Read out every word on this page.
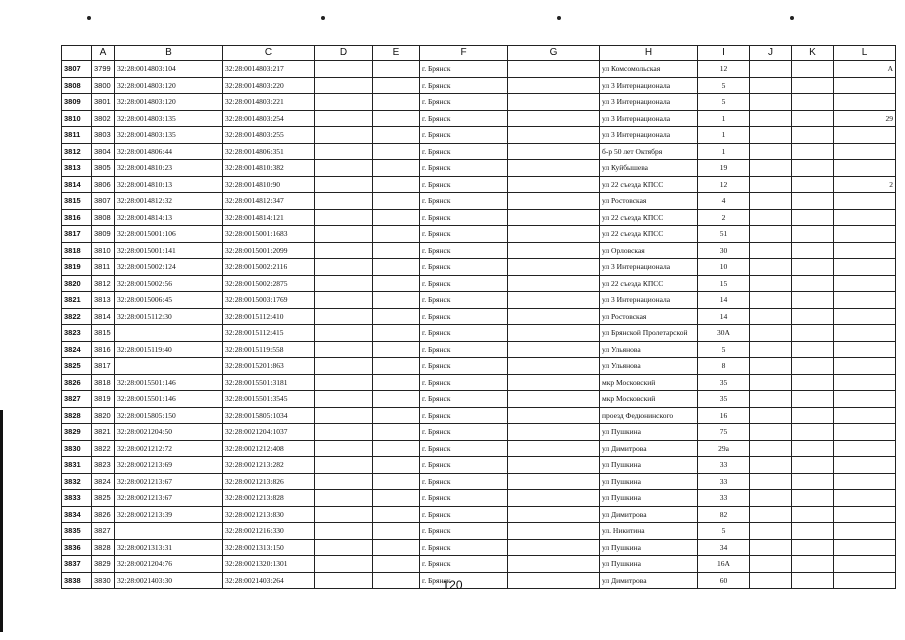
	A	B	C	D	E	F	G	H	I	J	K	L
3807	3799	32:28:0014803:104	32:28:0014803:217			г. Брянск		ул Комсомольская	12			A
3808	3800	32:28:0014803:120	32:28:0014803:220			г. Брянск		ул 3 Интернационала	5			
3809	3801	32:28:0014803:120	32:28:0014803:221			г. Брянск		ул 3 Интернационала	5			
3810	3802	32:28:0014803:135	32:28:0014803:254			г. Брянск		ул 3 Интернационала	1			29
3811	3803	32:28:0014803:135	32:28:0014803:255			г. Брянск		ул 3 Интернационала	1			
3812	3804	32:28:0014806:44	32:28:0014806:351			г. Брянск		б-р 50 лет Октября	1			
3813	3805	32:28:0014810:23	32:28:0014810:382			г. Брянск		ул Куйбышева	19			
3814	3806	32:28:0014810:13	32:28:0014810:90			г. Брянск		ул 22 съезда КПСС	12			2
3815	3807	32:28:0014812:32	32:28:0014812:347			г. Брянск		ул Ростовская	4			
3816	3808	32:28:0014814:13	32:28:0014814:121			г. Брянск		ул 22 съезда КПСС	2			
3817	3809	32:28:0015001:106	32:28:0015001:1683			г. Брянск		ул 22 съезда КПСС	51			
3818	3810	32:28:0015001:141	32:28:0015001:2099			г. Брянск		ул Орловская	30			
3819	3811	32:28:0015002:124	32:28:0015002:2116			г. Брянск		ул 3 Интернационала	10			
3820	3812	32:28:0015002:56	32:28:0015002:2875			г. Брянск		ул 22 съезда КПСС	15			
3821	3813	32:28:0015006:45	32:28:0015003:1769			г. Брянск		ул 3 Интернационала	14			
3822	3814	32:28:0015112:30	32:28:0015112:410			г. Брянск		ул Ростовская	14			
3823	3815		32:28:0015112:415			г. Брянск		ул Брянской Пролетарской	30А			
3824	3816	32:28:0015119:40	32:28:0015119:558			г. Брянск		ул Ульянова	5			
3825	3817		32:28:0015201:863			г. Брянск		ул Ульянова	8			
3826	3818	32:28:0015501:146	32:28:0015501:3181			г. Брянск		мкр Московский	35			
3827	3819	32:28:0015501:146	32:28:0015501:3545			г. Брянск		мкр Московский	35			
3828	3820	32:28:0015805:150	32:28:0015805:1034			г. Брянск		проезд Федюнинского	16			
3829	3821	32:28:0021204:50	32:28:0021204:1037			г. Брянск		ул Пушкина	75			
3830	3822	32:28:0021212:72	32:28:0021212:408			г. Брянск		ул Димитрова	29а			
3831	3823	32:28:0021213:69	32:28:0021213:282			г. Брянск		ул Пушкина	33			
3832	3824	32:28:0021213:67	32:28:0021213:826			г. Брянск		ул Пушкина	33			
3833	3825	32:28:0021213:67	32:28:0021213:828			г. Брянск		ул Пушкина	33			
3834	3826	32:28:0021213:39	32:28:0021213:830			г. Брянск		ул Димитрова	82			
3835	3827		32:28:0021216:330			г. Брянск		ул. Никитина	5			
3836	3828	32:28:0021313:31	32:28:0021313:150			г. Брянск		ул Пушкина	34			
3837	3829	32:28:0021204:76	32:28:0021320:1301			г. Брянск		ул Пушкина	16А			
3838	3830	32:28:0021403:30	32:28:0021403:264			г. Брянск		ул Димитрова	60			
120
